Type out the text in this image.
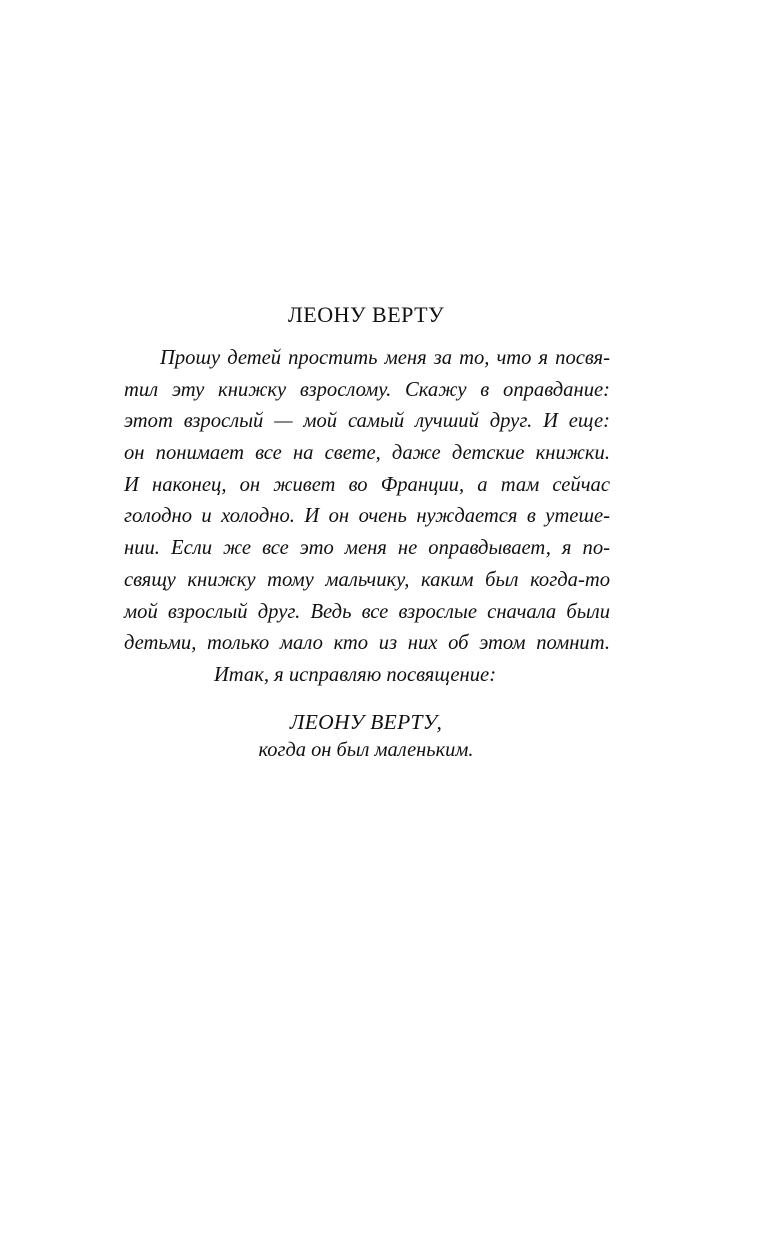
ЛЕОНУ ВЕРТУ
Прошу детей простить меня за то, что я посвя-
тил эту книжку взрослому. Скажу в оправдание:
этот взрослый — мой самый лучший друг. И еще:
он понимает все на свете, даже детские книжки.
И наконец, он живет во Франции, а там сейчас
голодно и холодно. И он очень нуждается в утеше-
нии. Если же все это меня не оправдывает, я по-
свящу книжку тому мальчику, каким был когда-то
мой взрослый друг. Ведь все взрослые сначала были
детьми, только мало кто из них об этом помнит.
Итак, я исправляю посвящение:
ЛЕОНУ ВЕРТУ,
когда он был маленьким.
